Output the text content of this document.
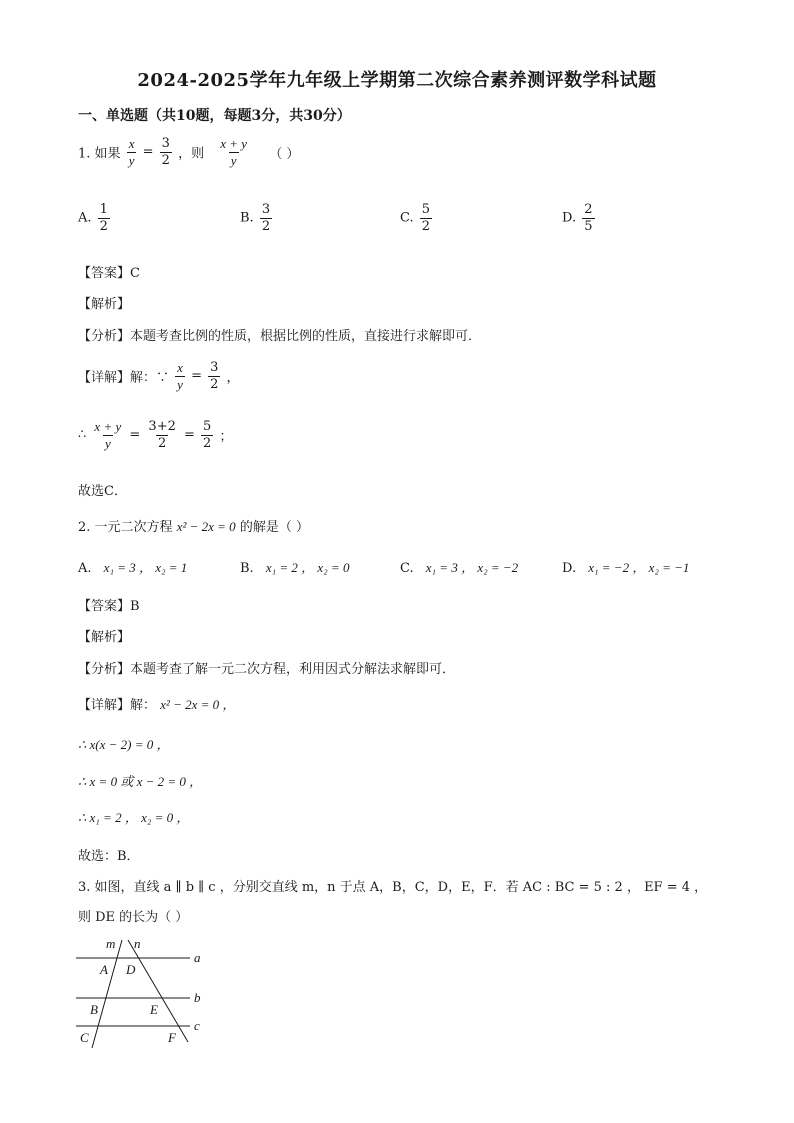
2024-2025学年九年级上学期第二次综合素养测评数学科试题
一、单选题（共10题，每题3分，共30分）
1. 如果 $\frac{x}{y} = \frac{3}{2}$ ，则 $\frac{x + y}{y}$ （ ）
A. $\frac{1}{2}$	B. $\frac{3}{2}$	C. $\frac{5}{2}$	D. $\frac{2}{5}$
【答案】C
【解析】
【分析】本题考查比例的性质，根据比例的性质，直接进行求解即可．
【详解】解：∵ $\frac{x}{y} = \frac{3}{2}$ ，
∴ $\frac{x + y}{y} = \frac{3+2}{2} = \frac{5}{2}$ ；
故选C．
2. 一元二次方程 x² − 2x = 0 的解是（ ）
A. x₁ = 3 ， x₂ = 1	B. x₁ = 2 ， x₂ = 0	C. x₁ = 3 ， x₂ = −2	D. x₁ = −2 ， x₂ = −1
【答案】B
【解析】
【分析】本题考查了解一元二次方程，利用因式分解法求解即可．
【详解】解： x² − 2x = 0 ，
∴ x(x − 2) = 0 ，
∴ x = 0 或 x − 2 = 0 ，
∴ x₁ = 2 ， x₂ = 0 ，
故选：B．
3. 如图，直线 a ∥ b ∥ c ，分别交直线 m，n 于点 A，B，C，D，E，F．若 AC : BC = 5 : 2 ， EF = 4 ，
则 DE 的长为（ ）
m n
a
b
c
A D
B	E
C	F
